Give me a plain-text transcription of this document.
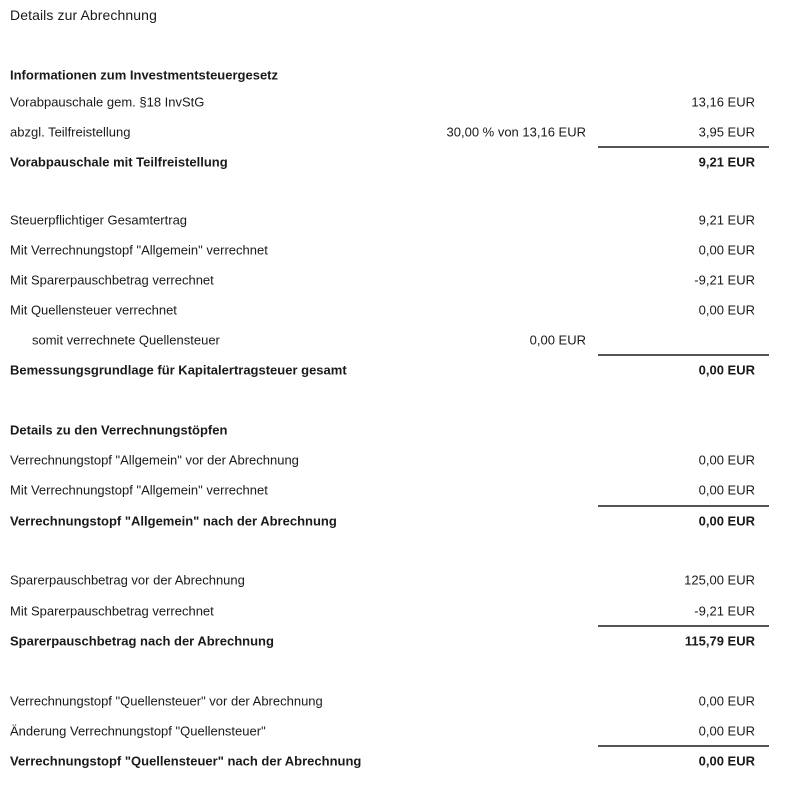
Details zur Abrechnung
Informationen zum Investmentsteuergesetz
Vorabpauschale gem. §18 InvStG	13,16 EUR
abzgl. Teilfreistellung	30,00 % von 13,16 EUR	3,95 EUR
Vorabpauschale mit Teilfreistellung	9,21 EUR
Steuerpflichtiger Gesamtertrag	9,21 EUR
Mit Verrechnungstopf "Allgemein" verrechnet	0,00 EUR
Mit Sparerpauschbetrag verrechnet	-9,21 EUR
Mit Quellensteuer verrechnet	0,00 EUR
somit verrechnete Quellensteuer	0,00 EUR
Bemessungsgrundlage für Kapitalertragsteuer gesamt	0,00 EUR
Details zu den Verrechnungstöpfen
Verrechnungstopf "Allgemein" vor der Abrechnung	0,00 EUR
Mit Verrechnungstopf "Allgemein" verrechnet	0,00 EUR
Verrechnungstopf "Allgemein" nach der Abrechnung	0,00 EUR
Sparerpauschbetrag vor der Abrechnung	125,00 EUR
Mit Sparerpauschbetrag verrechnet	-9,21 EUR
Sparerpauschbetrag nach der Abrechnung	115,79 EUR
Verrechnungstopf "Quellensteuer" vor der Abrechnung	0,00 EUR
Änderung Verrechnungstopf "Quellensteuer"	0,00 EUR
Verrechnungstopf "Quellensteuer" nach der Abrechnung	0,00 EUR
